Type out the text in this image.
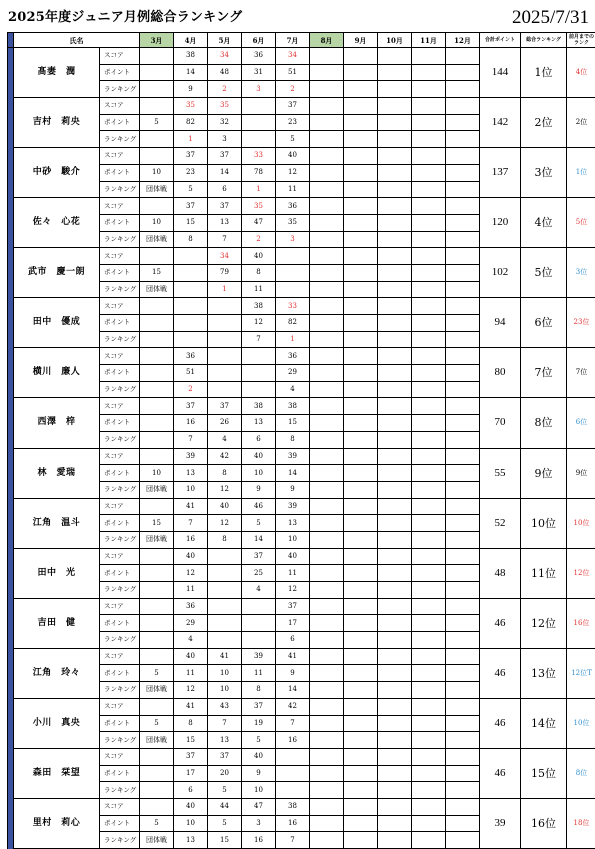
2025年度ジュニア月例総合ランキング	2025/7/31
	氏名		3月	4月	5月	6月	7月	8月	9月	10月	11月	12月	合計ポイント	総合ランキング	前月までのランク
	髙妻　潤	スコア		38	34	36	34						144	1位	4位
		ポイント		14	48	31	51								
		ランキング		9	2	3	2								
	吉村　莉央	スコア		35	35		37						142	2位	2位
		ポイント	5	82	32		23								
		ランキング		1	3		5								
	中砂　駿介	スコア		37	37	33	40						137	3位	1位
		ポイント	10	23	14	78	12								
		ランキング	団体戦	5	6	1	11								
	佐々　心花	スコア		37	37	35	36						120	4位	5位
		ポイント	10	15	13	47	35								
		ランキング	団体戦	8	7	2	3								
	武市　慶一朗	スコア			34	40							102	5位	3位
		ポイント	15		79	8									
		ランキング	団体戦		1	11									
	田中　優成	スコア				38	33						94	6位	23位
		ポイント				12	82								
		ランキング				7	1								
	横川　廉人	スコア		36			36						80	7位	7位
		ポイント		51			29								
		ランキング		2			4								
	西澤　梓	スコア		37	37	38	38						70	8位	6位
		ポイント		16	26	13	15								
		ランキング		7	4	6	8								
	林　愛瑞	スコア		39	42	40	39						55	9位	9位
		ポイント	10	13	8	10	14								
		ランキング	団体戦	10	12	9	9								
	江角　温斗	スコア		41	40	46	39						52	10位	10位
		ポイント	15	7	12	5	13								
		ランキング	団体戦	16	8	14	10								
	田中　光	スコア		40		37	40						48	11位	12位
		ポイント		12		25	11								
		ランキング		11		4	12								
	吉田　健	スコア		36			37						46	12位	16位
		ポイント		29			17								
		ランキング		4			6								
	江角　玲々	スコア		40	41	39	41						46	13位	12位T
		ポイント	5	11	10	11	9								
		ランキング	団体戦	12	10	8	14								
	小川　真央	スコア		41	43	37	42						46	14位	10位
		ポイント	5	8	7	19	7								
		ランキング	団体戦	15	13	5	16								
	森田　栞望	スコア		37	37	40							46	15位	8位
		ポイント		17	20	9									
		ランキング		6	5	10									
	里村　莉心	スコア		40	44	47	38						39	16位	18位
		ポイント	5	10	5	3	16								
		ランキング	団体戦	13	15	16	7								
